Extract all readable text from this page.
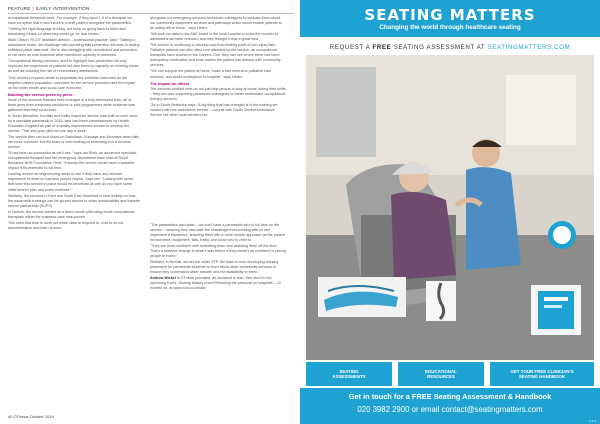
FEATURE | EARLY INTERVENTION

occupational therapists work. For example, if they want 1.5 of a therapist we have no option that it won't work in a shift pattern alongside the paramedics.

"Getting the right language is tricky, but keep on going back to them and translating it back on what they would go for that means."

Nicki Clinton, RCOT assistant director – professional practice, said: "Talking to ambulance trusts, the challenge with providing falls prevention services is finding sufficient place-able staff. We're also struggling with recruitment and prevention to roll seen as core business when workforce capacity is stretched.

"Occupational therapy services need to highlight how prevention not only improves the experience of patients but also frees up capacity on existing crews, as well as reducing the risk of unnecessary admissions.

"Any service proposal needs to emphasise the potential outcomes for the targeted patient population, outcomes for the service providers and the impact on the wider health and social care economy."

Building the service piece by piece

None of the services featured here emerged in a fully-developed form; all of them grew from temporary structures or pilot programmes while evidence was gathered that they could work.

In South Berkshire, the falls and frailty response service was built on work done by a specialist paramedic in 2016, who had been commissioned by Health Education England as part of a quality improvement service to develop the service. That one-year pilot ran one day a week.

The service then ran four hours on Saturdays, Sundays and Mondays when falls are more common, but the team is now working at extending it to a full-time service.

"It has been so successful as we'll see," says Ian Rizio, an advanced specialist occupational therapist and the emergency department team lead at Royal Berkshire NHS Foundation Trust. "It shows the service would have a sizeable impact if it's extended to full time.

Looking around at neighbouring areas to see if they have any relevant experience to draw on has also proved helpful. Says Ian: "Liaising with areas that have this service in place would be beneficial as well as you have some initial shared plan and some evidence."

Similarly, the services in Kent and North East Somerset is time limiting on how the paramedic trainings can be spread around to wider sustainability and transfer rescue partnership (SCPS).

In Norfolk, the service started as a three-month pilot using funds occupational therapists within the business case was proven.

"We used that time to work out which data to respond to, how to do our documentation and learn to work

alongside our emergency services technician colleagues to educate them about our community equipment services and pathways which would enable patients to be safely left at home," says Helen.

"We took our data to the A&E board in the local hospital to show the number of admissions we have reduced, and they thought it was a great idea.

The service is continuing to develop now that existing point of non-injury falls. Palliative patients are also often now attended by the service, as occupational therapists have access to the Careers One, they can see where there has been anticipatory medication and what carries the patient has already with community services.

"We can support the patient at home, make a fast referral to palliative care services, and avoid conveyance to hospital," says Helen.

The impact on others

The services profiled here do not just help people to stay at home during their shifts – they are also supporting paramedic colleagues to better understand occupational therapy services.

"As in South Berkshire says: 'A big thing that has changed is in the training we conduct with the ambulance service – not just with South Central Ambulance Service but other local services too.

"The paramedics also state – we don't have a paramedic who is full time on the service – meaning they also take the knowledge from working with us and implement it elsewhere, teaching them with a more holistic approach as the patient environment, equipment, falls, frailty, and know who to refer to.

"They are more confident with mobilising them and assisting them off the floor. That's a massive change to what it was before if they weren't as confident in seeing people at home."

Similarly, in Norfolk, across the wider STP, the team is now developing working placement for paramedic students to learn about other community services to ensure they understand wider transfer and the availability to them.

Andrew Mickel is OTnews journalist, an assistant is lead. See more in the upcoming Event. Sealing Mickey report Reducing the pressure on hospitals – 12 months on, at www.rcot.co.uk/falls

40 OTnews October 2019
SEATING MATTERS
Changing the world through healthcare seating
REQUEST A FREE SEATING ASSESSMENT AT SEATINGMATTERS.COM
SEATING
ASSESSMENTS
EDUCATIONAL
RESOURCES
GET YOUR FREE CLINICIAN'S
SEATING HANDBOOK
Get in touch for a FREE Seating Assessment & Handbook
020 3982 2900 or email contact@seatingmatters.com
0.1.4
